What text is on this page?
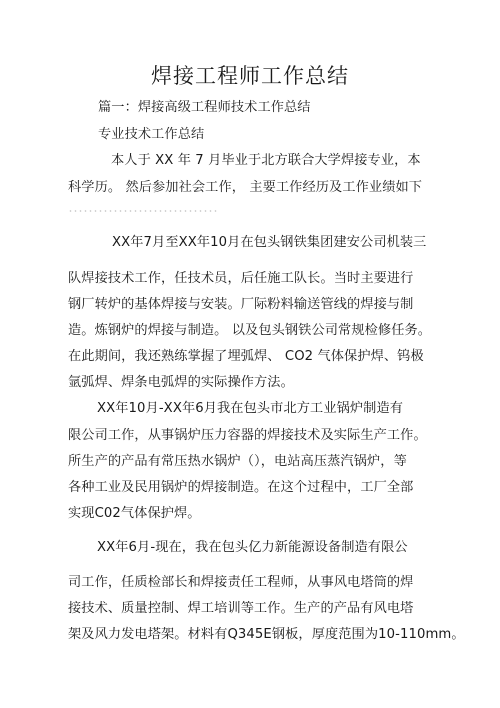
焊接工程师工作总结
篇一：焊接高级工程师技术工作总结
专业技术工作总结
本人于 XX 年 7 月毕业于北方联合大学焊接专业，本
科学历。 然后参加社会工作， 主要工作经历及工作业绩如下
XX年7月至XX年10月在包头钢铁集团建安公司机装三
队焊接技术工作，任技术员，后任施工队长。当时主要进行
钢厂转炉的基体焊接与安装。厂际粉料输送管线的焊接与制
造。炼钢炉的焊接与制造。 以及包头钢铁公司常规检修任务。
在此期间，我还熟练掌握了埋弧焊、 CO2 气体保护焊、钨极
氩弧焊、焊条电弧焊的实际操作方法。
XX年10月-XX年6月我在包头市北方工业锅炉制造有
限公司工作，从事锅炉压力容器的焊接技术及实际生产工作。
所生产的产品有常压热水锅炉（），电站高压蒸汽锅炉，等
各种工业及民用锅炉的焊接制造。在这个过程中，工厂全部
实现C02气体保护焊。
XX年6月-现在，我在包头亿力新能源设备制造有限公
司工作，任质检部长和焊接责任工程师，从事风电塔筒的焊
接技术、质量控制、焊工培训等工作。生产的产品有风电塔
架及风力发电塔架。材料有Q345E钢板，厚度范围为10-110mm。
